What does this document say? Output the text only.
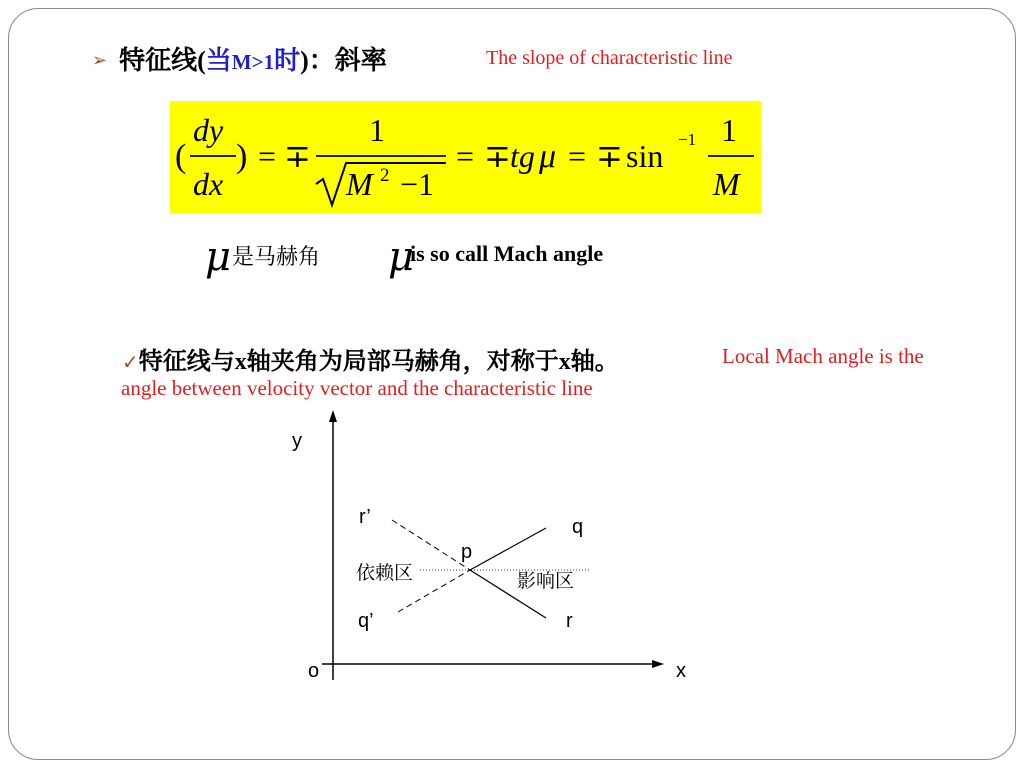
➢ 特征线(当M>1时)：斜率	The slope of characteristic line
(
dy
dx
) = ∓
1
M 2 −1
= ∓ tg μ = ∓ sin −1 1
M
μ 是马赫角 μ
is so call Mach angle
✓特征线与x轴夹角为局部马赫角，对称于x轴。	Local Mach angle is the
angle between velocity vector and the characteristic line
y
x
o
r’
q’
q
r
p
依赖区	影响区
